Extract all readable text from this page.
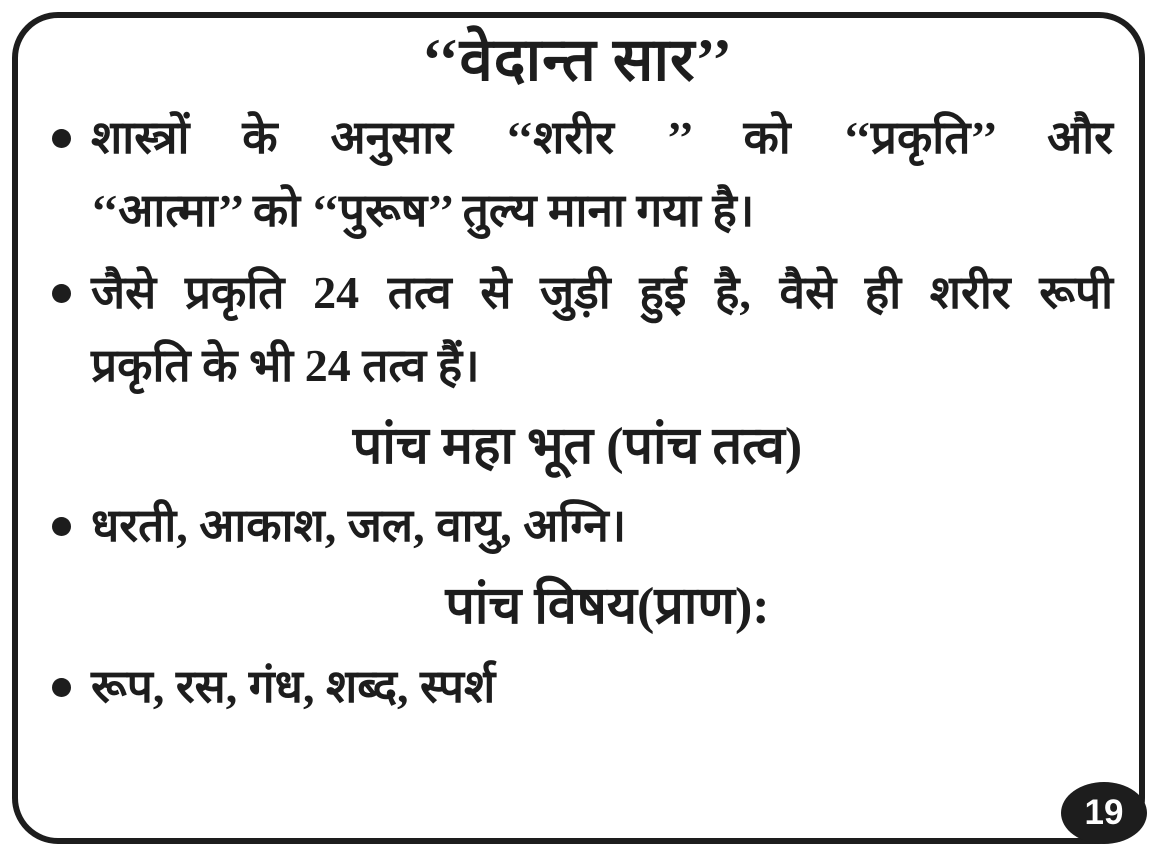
‘‘वेदान्त सार’’
शास्त्रों के अनुसार ‘‘शरीर ’’ को ‘‘प्रकृति’’ और
‘‘आत्मा’’ को ‘‘पुरूष’’ तुल्य माना गया है।
जैसे प्रकृति 24 तत्व से जुड़ी हुई है, वैसे ही शरीर रूपी
प्रकृति के भी 24 तत्व हैं।
पांच महा भूत (पांच तत्व)
धरती, आकाश, जल, वायु, अग्नि।
पांच विषय(प्राण):
रूप, रस, गंध, शब्द, स्पर्श
19
